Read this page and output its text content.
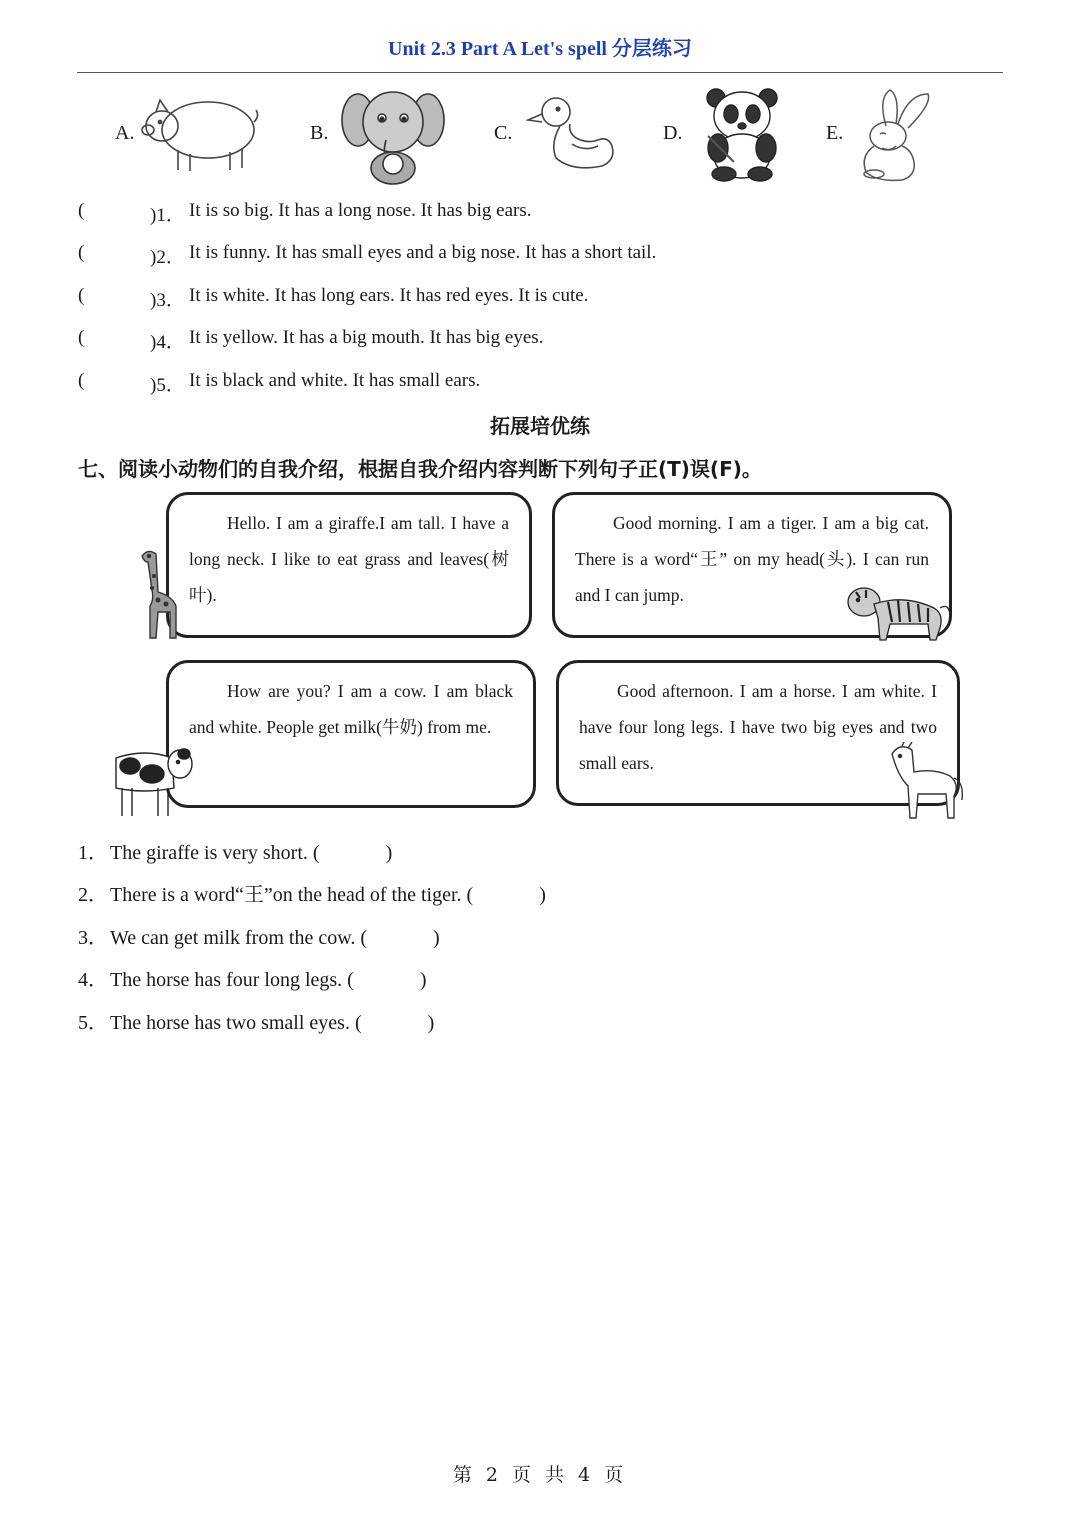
Unit 2.3 Part A Let's spell 分层练习
A.	B.	C.	D.	E.
(	)1． It is so big. It has a long nose. It has big ears.
(	)2． It is funny. It has small eyes and a big nose. It has a short tail.
(	)3． It is white. It has long ears. It has red eyes. It is cute.
(	)4． It is yellow. It has a big mouth. It has big eyes.
(	)5． It is black and white. It has small ears.
拓展培优练
七、阅读小动物们的自我介绍，根据自我介绍内容判断下列句子正(T)误(F)。
Hello. I am a giraffe.I am tall. I have a long neck. I like to eat grass and leaves(树叶).
Good morning. I am a tiger. I am a big cat. There is a word“王” on my head(头). I can run and I can jump.
How are you? I am a cow. I am black and white. People get milk(牛奶) from me.
Good afternoon. I am a horse. I am white. I have four long legs. I have two big eyes and two small ears.
1． The giraffe is very short. (	)
2． There is a word“王”on the head of the tiger. (	)
3． We can get milk from the cow. (	)
4． The horse has four long legs. (	)
5． The horse has two small eyes. (	)
第 2 页 共 4 页
